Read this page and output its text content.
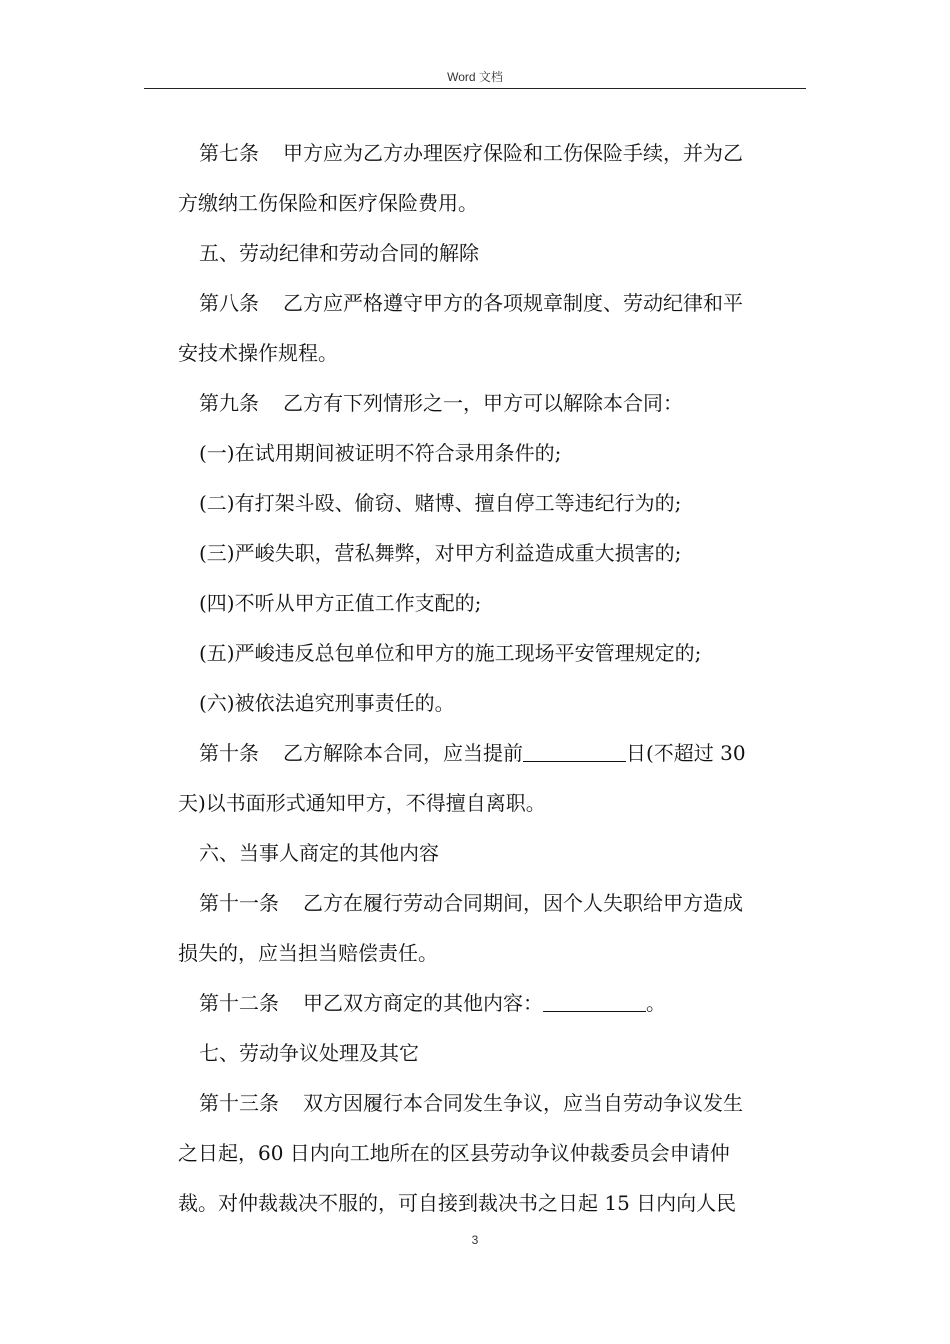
Word 文档
第七条 甲方应为乙方办理医疗保险和工伤保险手续，并为乙
方缴纳工伤保险和医疗保险费用。
五、劳动纪律和劳动合同的解除
第八条 乙方应严格遵守甲方的各项规章制度、劳动纪律和平
安技术操作规程。
第九条 乙方有下列情形之一，甲方可以解除本合同：
(一)在试用期间被证明不符合录用条件的;
(二)有打架斗殴、偷窃、赌博、擅自停工等违纪行为的;
(三)严峻失职，营私舞弊，对甲方利益造成重大损害的;
(四)不听从甲方正值工作支配的;
(五)严峻违反总包单位和甲方的施工现场平安管理规定的;
(六)被依法追究刑事责任的。
第十条 乙方解除本合同，应当提前	日(不超过 30
天)以书面形式通知甲方，不得擅自离职。
六、当事人商定的其他内容
第十一条 乙方在履行劳动合同期间，因个人失职给甲方造成
损失的，应当担当赔偿责任。
第十二条 甲乙双方商定的其他内容：	。
七、劳动争议处理及其它
第十三条 双方因履行本合同发生争议，应当自劳动争议发生
之日起，60 日内向工地所在的区县劳动争议仲裁委员会申请仲
裁。对仲裁裁决不服的，可自接到裁决书之日起 15 日内向人民
3
